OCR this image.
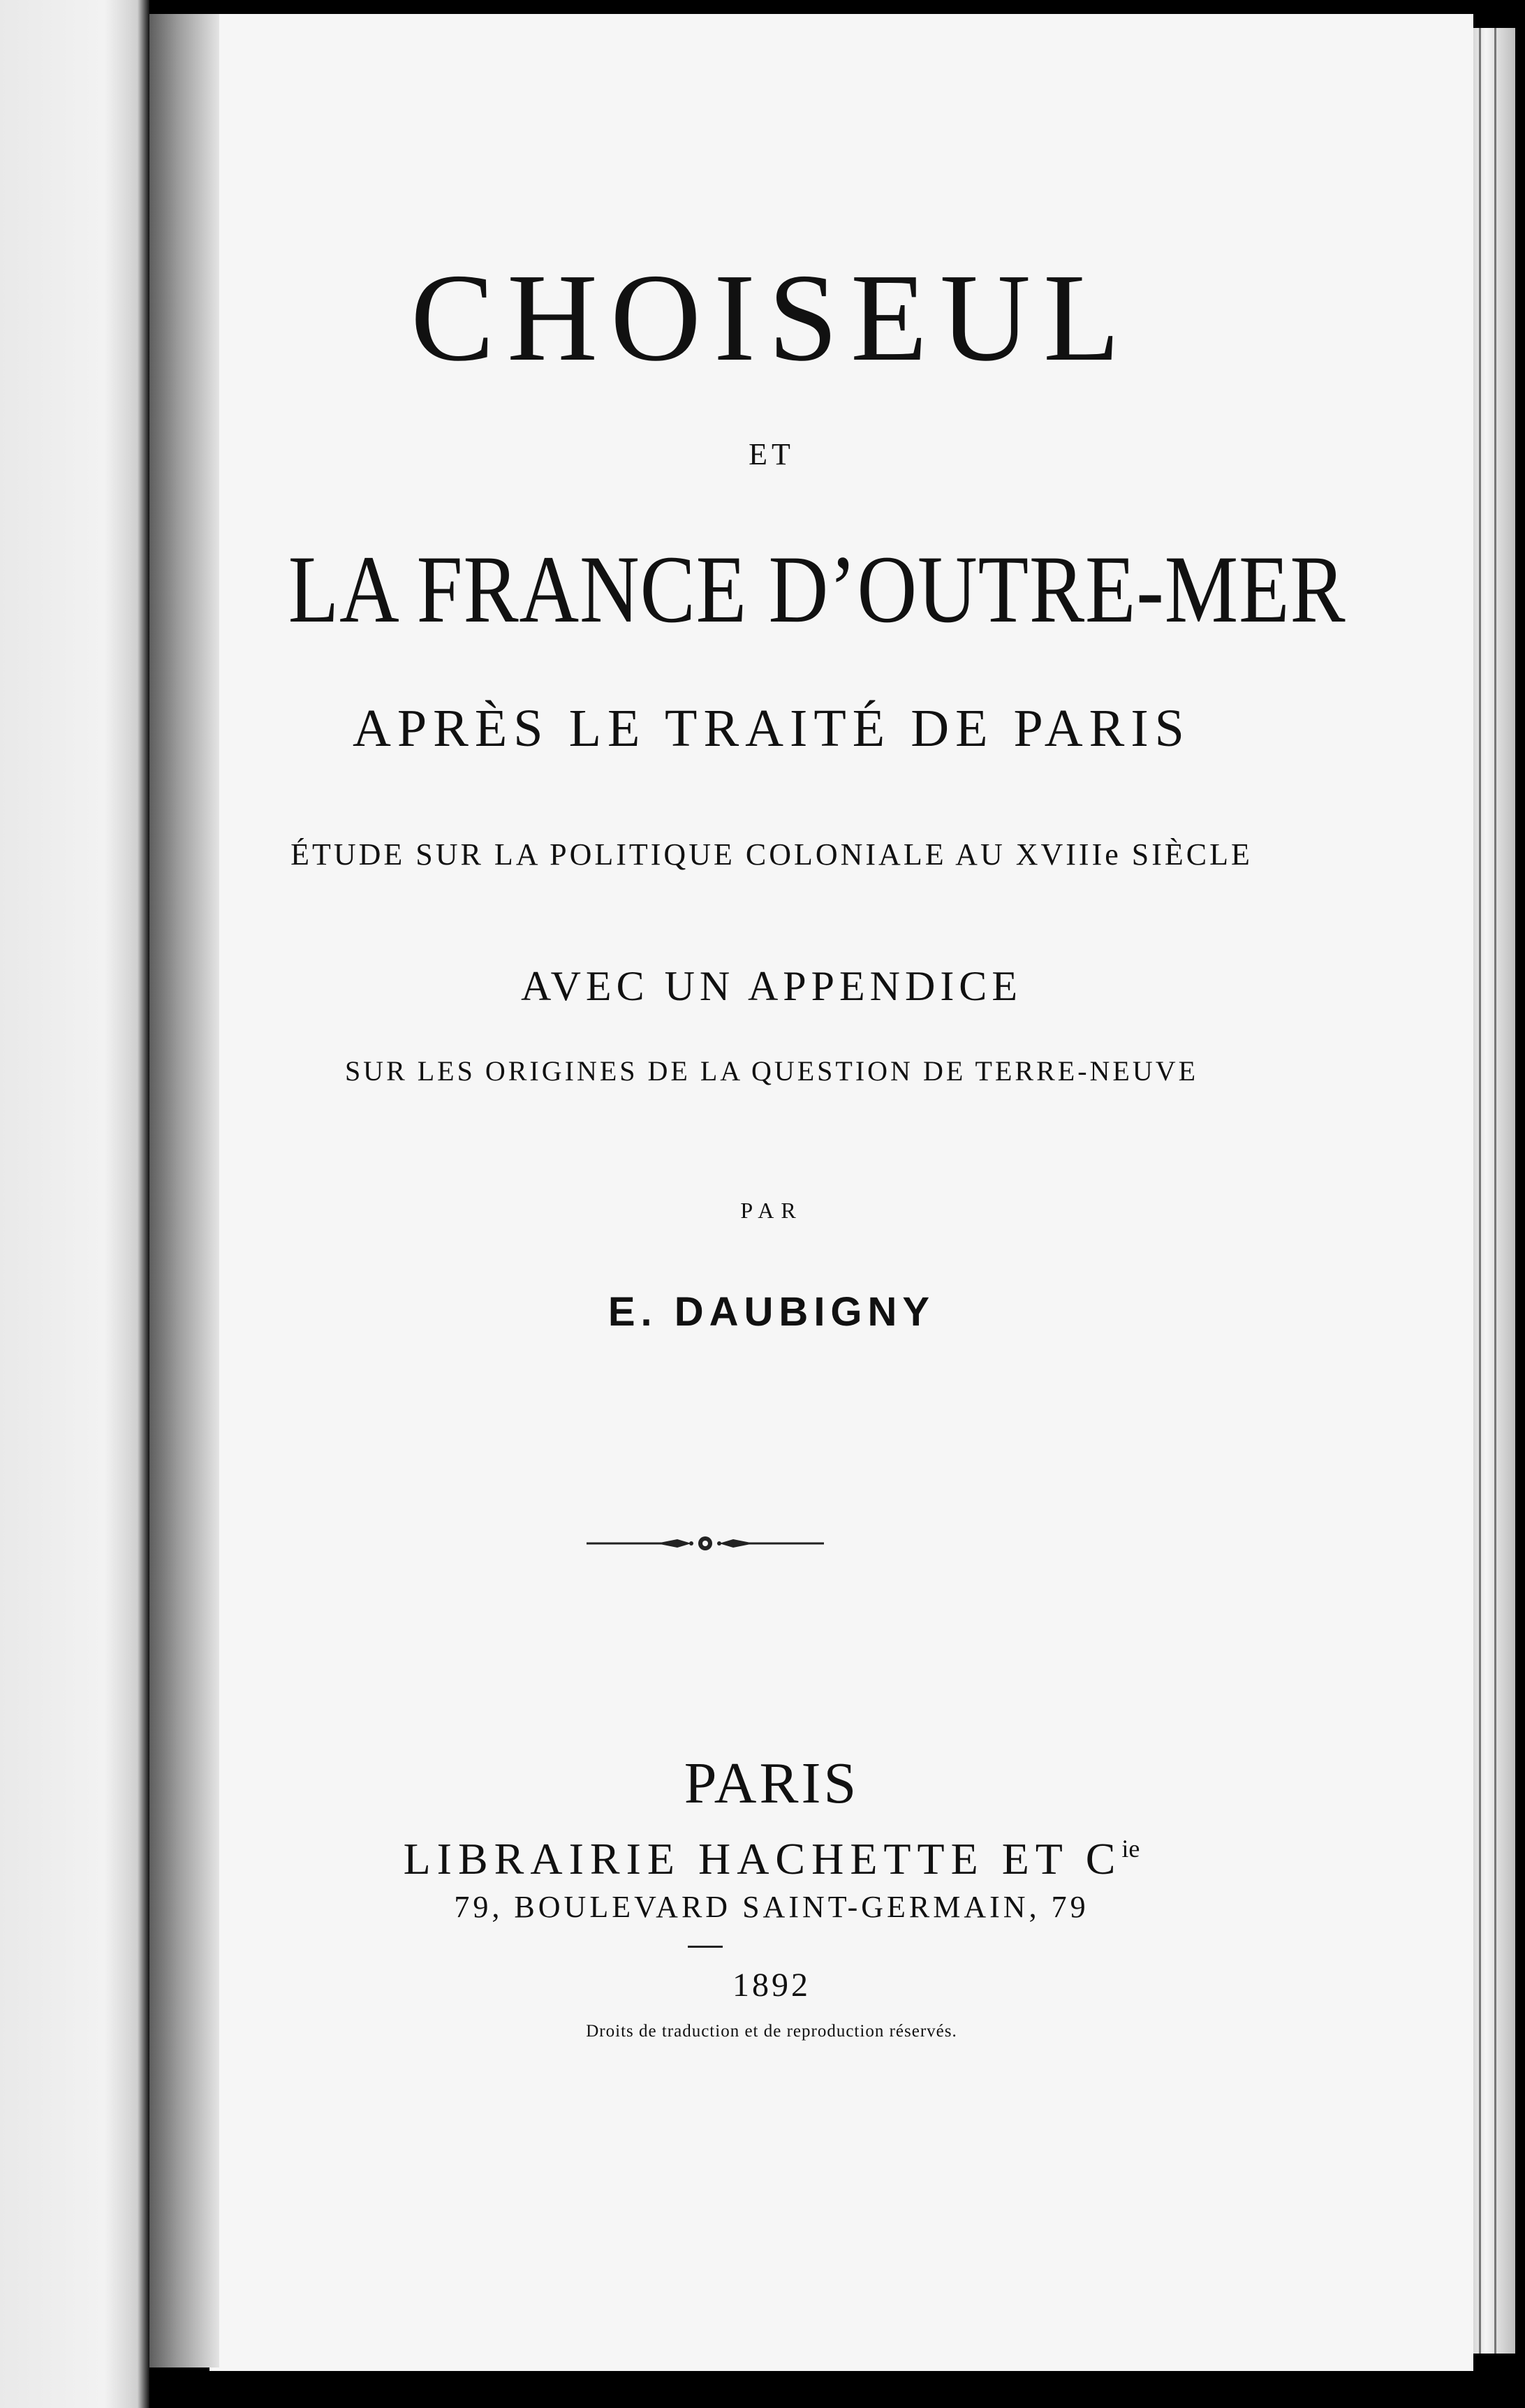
CHOISEUL
ET
LA FRANCE D’OUTRE-MER
APRÈS LE TRAITÉ DE PARIS
ÉTUDE SUR LA POLITIQUE COLONIALE AU XVIIIe SIÈCLE
AVEC UN APPENDICE
SUR LES ORIGINES DE LA QUESTION DE TERRE-NEUVE
PAR
E. DAUBIGNY
PARIS
LIBRAIRIE HACHETTE ET $C^{ie}$
79, BOULEVARD SAINT-GERMAIN, 79
1892
Droits de traduction et de reproduction réservés.
